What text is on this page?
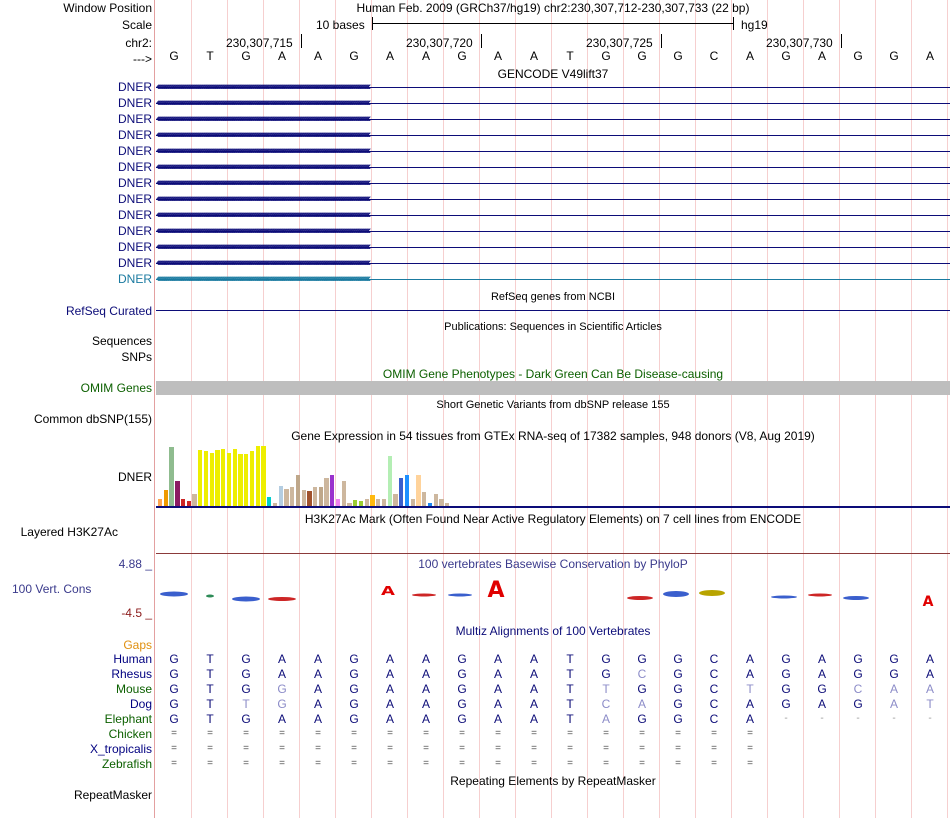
Window Position	Human Feb. 2009 (GRCh37/hg19) chr2:230,307,712-230,307,733 (22 bp)
Scale	10 bases	hg19
chr2:	230,307,715	230,307,720	230,307,725	230,307,730
--->	G	T	G	A	A	G	A	A	G	A	A	T	G	G	G	C	A	G	A	G	G	A
GENCODE V49lift37
DNER ‹‹‹‹‹‹‹‹‹‹‹‹‹‹‹‹‹‹‹‹‹‹‹‹‹‹‹‹‹‹‹‹‹‹‹‹‹‹‹‹‹‹‹‹‹‹‹‹‹‹‹‹‹‹‹‹‹‹‹‹‹‹‹‹‹‹‹‹‹‹‹‹‹‹‹‹‹‹‹‹‹‹‹‹‹‹‹‹‹‹‹‹‹‹‹‹‹‹‹‹‹‹‹‹‹‹‹‹‹‹‹‹‹‹‹‹‹‹‹‹‹‹‹‹‹‹‹‹‹‹‹‹‹‹‹‹‹‹‹‹‹‹‹‹‹‹‹‹‹‹‹‹‹‹‹‹‹‹‹‹‹‹‹‹‹‹‹‹‹‹‹‹‹‹‹‹‹‹‹‹‹‹‹‹‹‹‹‹‹‹‹‹‹‹‹‹‹‹‹‹
DNER ‹‹‹‹‹‹‹‹‹‹‹‹‹‹‹‹‹‹‹‹‹‹‹‹‹‹‹‹‹‹‹‹‹‹‹‹‹‹‹‹‹‹‹‹‹‹‹‹‹‹‹‹‹‹‹‹‹‹‹‹‹‹‹‹‹‹‹‹‹‹‹‹‹‹‹‹‹‹‹‹‹‹‹‹‹‹‹‹‹‹‹‹‹‹‹‹‹‹‹‹‹‹‹‹‹‹‹‹‹‹‹‹‹‹‹‹‹‹‹‹‹‹‹‹‹‹‹‹‹‹‹‹‹‹‹‹‹‹‹‹‹‹‹‹‹‹‹‹‹‹‹‹‹‹‹‹‹‹‹‹‹‹‹‹‹‹‹‹‹‹‹‹‹‹‹‹‹‹‹‹‹‹‹‹‹‹‹‹‹‹‹‹‹‹‹‹‹‹‹‹
DNER ‹‹‹‹‹‹‹‹‹‹‹‹‹‹‹‹‹‹‹‹‹‹‹‹‹‹‹‹‹‹‹‹‹‹‹‹‹‹‹‹‹‹‹‹‹‹‹‹‹‹‹‹‹‹‹‹‹‹‹‹‹‹‹‹‹‹‹‹‹‹‹‹‹‹‹‹‹‹‹‹‹‹‹‹‹‹‹‹‹‹‹‹‹‹‹‹‹‹‹‹‹‹‹‹‹‹‹‹‹‹‹‹‹‹‹‹‹‹‹‹‹‹‹‹‹‹‹‹‹‹‹‹‹‹‹‹‹‹‹‹‹‹‹‹‹‹‹‹‹‹‹‹‹‹‹‹‹‹‹‹‹‹‹‹‹‹‹‹‹‹‹‹‹‹‹‹‹‹‹‹‹‹‹‹‹‹‹‹‹‹‹‹‹‹‹‹‹‹‹‹
DNER ‹‹‹‹‹‹‹‹‹‹‹‹‹‹‹‹‹‹‹‹‹‹‹‹‹‹‹‹‹‹‹‹‹‹‹‹‹‹‹‹‹‹‹‹‹‹‹‹‹‹‹‹‹‹‹‹‹‹‹‹‹‹‹‹‹‹‹‹‹‹‹‹‹‹‹‹‹‹‹‹‹‹‹‹‹‹‹‹‹‹‹‹‹‹‹‹‹‹‹‹‹‹‹‹‹‹‹‹‹‹‹‹‹‹‹‹‹‹‹‹‹‹‹‹‹‹‹‹‹‹‹‹‹‹‹‹‹‹‹‹‹‹‹‹‹‹‹‹‹‹‹‹‹‹‹‹‹‹‹‹‹‹‹‹‹‹‹‹‹‹‹‹‹‹‹‹‹‹‹‹‹‹‹‹‹‹‹‹‹‹‹‹‹‹‹‹‹‹‹‹
DNER ‹‹‹‹‹‹‹‹‹‹‹‹‹‹‹‹‹‹‹‹‹‹‹‹‹‹‹‹‹‹‹‹‹‹‹‹‹‹‹‹‹‹‹‹‹‹‹‹‹‹‹‹‹‹‹‹‹‹‹‹‹‹‹‹‹‹‹‹‹‹‹‹‹‹‹‹‹‹‹‹‹‹‹‹‹‹‹‹‹‹‹‹‹‹‹‹‹‹‹‹‹‹‹‹‹‹‹‹‹‹‹‹‹‹‹‹‹‹‹‹‹‹‹‹‹‹‹‹‹‹‹‹‹‹‹‹‹‹‹‹‹‹‹‹‹‹‹‹‹‹‹‹‹‹‹‹‹‹‹‹‹‹‹‹‹‹‹‹‹‹‹‹‹‹‹‹‹‹‹‹‹‹‹‹‹‹‹‹‹‹‹‹‹‹‹‹‹‹‹‹
DNER ‹‹‹‹‹‹‹‹‹‹‹‹‹‹‹‹‹‹‹‹‹‹‹‹‹‹‹‹‹‹‹‹‹‹‹‹‹‹‹‹‹‹‹‹‹‹‹‹‹‹‹‹‹‹‹‹‹‹‹‹‹‹‹‹‹‹‹‹‹‹‹‹‹‹‹‹‹‹‹‹‹‹‹‹‹‹‹‹‹‹‹‹‹‹‹‹‹‹‹‹‹‹‹‹‹‹‹‹‹‹‹‹‹‹‹‹‹‹‹‹‹‹‹‹‹‹‹‹‹‹‹‹‹‹‹‹‹‹‹‹‹‹‹‹‹‹‹‹‹‹‹‹‹‹‹‹‹‹‹‹‹‹‹‹‹‹‹‹‹‹‹‹‹‹‹‹‹‹‹‹‹‹‹‹‹‹‹‹‹‹‹‹‹‹‹‹‹‹‹‹
DNER ‹‹‹‹‹‹‹‹‹‹‹‹‹‹‹‹‹‹‹‹‹‹‹‹‹‹‹‹‹‹‹‹‹‹‹‹‹‹‹‹‹‹‹‹‹‹‹‹‹‹‹‹‹‹‹‹‹‹‹‹‹‹‹‹‹‹‹‹‹‹‹‹‹‹‹‹‹‹‹‹‹‹‹‹‹‹‹‹‹‹‹‹‹‹‹‹‹‹‹‹‹‹‹‹‹‹‹‹‹‹‹‹‹‹‹‹‹‹‹‹‹‹‹‹‹‹‹‹‹‹‹‹‹‹‹‹‹‹‹‹‹‹‹‹‹‹‹‹‹‹‹‹‹‹‹‹‹‹‹‹‹‹‹‹‹‹‹‹‹‹‹‹‹‹‹‹‹‹‹‹‹‹‹‹‹‹‹‹‹‹‹‹‹‹‹‹‹‹‹‹
DNER ‹‹‹‹‹‹‹‹‹‹‹‹‹‹‹‹‹‹‹‹‹‹‹‹‹‹‹‹‹‹‹‹‹‹‹‹‹‹‹‹‹‹‹‹‹‹‹‹‹‹‹‹‹‹‹‹‹‹‹‹‹‹‹‹‹‹‹‹‹‹‹‹‹‹‹‹‹‹‹‹‹‹‹‹‹‹‹‹‹‹‹‹‹‹‹‹‹‹‹‹‹‹‹‹‹‹‹‹‹‹‹‹‹‹‹‹‹‹‹‹‹‹‹‹‹‹‹‹‹‹‹‹‹‹‹‹‹‹‹‹‹‹‹‹‹‹‹‹‹‹‹‹‹‹‹‹‹‹‹‹‹‹‹‹‹‹‹‹‹‹‹‹‹‹‹‹‹‹‹‹‹‹‹‹‹‹‹‹‹‹‹‹‹‹‹‹‹‹‹‹
DNER ‹‹‹‹‹‹‹‹‹‹‹‹‹‹‹‹‹‹‹‹‹‹‹‹‹‹‹‹‹‹‹‹‹‹‹‹‹‹‹‹‹‹‹‹‹‹‹‹‹‹‹‹‹‹‹‹‹‹‹‹‹‹‹‹‹‹‹‹‹‹‹‹‹‹‹‹‹‹‹‹‹‹‹‹‹‹‹‹‹‹‹‹‹‹‹‹‹‹‹‹‹‹‹‹‹‹‹‹‹‹‹‹‹‹‹‹‹‹‹‹‹‹‹‹‹‹‹‹‹‹‹‹‹‹‹‹‹‹‹‹‹‹‹‹‹‹‹‹‹‹‹‹‹‹‹‹‹‹‹‹‹‹‹‹‹‹‹‹‹‹‹‹‹‹‹‹‹‹‹‹‹‹‹‹‹‹‹‹‹‹‹‹‹‹‹‹‹‹‹‹
DNER ‹‹‹‹‹‹‹‹‹‹‹‹‹‹‹‹‹‹‹‹‹‹‹‹‹‹‹‹‹‹‹‹‹‹‹‹‹‹‹‹‹‹‹‹‹‹‹‹‹‹‹‹‹‹‹‹‹‹‹‹‹‹‹‹‹‹‹‹‹‹‹‹‹‹‹‹‹‹‹‹‹‹‹‹‹‹‹‹‹‹‹‹‹‹‹‹‹‹‹‹‹‹‹‹‹‹‹‹‹‹‹‹‹‹‹‹‹‹‹‹‹‹‹‹‹‹‹‹‹‹‹‹‹‹‹‹‹‹‹‹‹‹‹‹‹‹‹‹‹‹‹‹‹‹‹‹‹‹‹‹‹‹‹‹‹‹‹‹‹‹‹‹‹‹‹‹‹‹‹‹‹‹‹‹‹‹‹‹‹‹‹‹‹‹‹‹‹‹‹‹
DNER ‹‹‹‹‹‹‹‹‹‹‹‹‹‹‹‹‹‹‹‹‹‹‹‹‹‹‹‹‹‹‹‹‹‹‹‹‹‹‹‹‹‹‹‹‹‹‹‹‹‹‹‹‹‹‹‹‹‹‹‹‹‹‹‹‹‹‹‹‹‹‹‹‹‹‹‹‹‹‹‹‹‹‹‹‹‹‹‹‹‹‹‹‹‹‹‹‹‹‹‹‹‹‹‹‹‹‹‹‹‹‹‹‹‹‹‹‹‹‹‹‹‹‹‹‹‹‹‹‹‹‹‹‹‹‹‹‹‹‹‹‹‹‹‹‹‹‹‹‹‹‹‹‹‹‹‹‹‹‹‹‹‹‹‹‹‹‹‹‹‹‹‹‹‹‹‹‹‹‹‹‹‹‹‹‹‹‹‹‹‹‹‹‹‹‹‹‹‹‹‹
DNER ‹‹‹‹‹‹‹‹‹‹‹‹‹‹‹‹‹‹‹‹‹‹‹‹‹‹‹‹‹‹‹‹‹‹‹‹‹‹‹‹‹‹‹‹‹‹‹‹‹‹‹‹‹‹‹‹‹‹‹‹‹‹‹‹‹‹‹‹‹‹‹‹‹‹‹‹‹‹‹‹‹‹‹‹‹‹‹‹‹‹‹‹‹‹‹‹‹‹‹‹‹‹‹‹‹‹‹‹‹‹‹‹‹‹‹‹‹‹‹‹‹‹‹‹‹‹‹‹‹‹‹‹‹‹‹‹‹‹‹‹‹‹‹‹‹‹‹‹‹‹‹‹‹‹‹‹‹‹‹‹‹‹‹‹‹‹‹‹‹‹‹‹‹‹‹‹‹‹‹‹‹‹‹‹‹‹‹‹‹‹‹‹‹‹‹‹‹‹‹‹
DNER ‹‹‹‹‹‹‹‹‹‹‹‹‹‹‹‹‹‹‹‹‹‹‹‹‹‹‹‹‹‹‹‹‹‹‹‹‹‹‹‹‹‹‹‹‹‹‹‹‹‹‹‹‹‹‹‹‹‹‹‹‹‹‹‹‹‹‹‹‹‹‹‹‹‹‹‹‹‹‹‹‹‹‹‹‹‹‹‹‹‹‹‹‹‹‹‹‹‹‹‹‹‹‹‹‹‹‹‹‹‹‹‹‹‹‹‹‹‹‹‹‹‹‹‹‹‹‹‹‹‹‹‹‹‹‹‹‹‹‹‹‹‹‹‹‹‹‹‹‹‹‹‹‹‹‹‹‹‹‹‹‹‹‹‹‹‹‹‹‹‹‹‹‹‹‹‹‹‹‹‹‹‹‹‹‹‹‹‹‹‹‹‹‹‹‹‹‹‹‹‹
RefSeq genes from NCBI
RefSeq Curated
Publications: Sequences in Scientific Articles
Sequences
SNPs
OMIM Gene Phenotypes - Dark Green Can Be Disease-causing
OMIM Genes
Short Genetic Variants from dbSNP release 155
Common dbSNP(155)
Gene Expression in 54 tissues from GTEx RNA-seq of 17382 samples, 948 donors (V8, Aug 2019)
DNER
H3K27Ac Mark (Often Found Near Active Regulatory Elements) on 7 cell lines from ENCODE
Layered H3K27Ac
100 vertebrates Basewise Conservation by PhyloP
4.88 _
100 Vert. Cons
-4.5 _
A	A	A
Multiz Alignments of 100 Vertebrates
Gaps
Human	G	T	G	A	A	G	A	A	G	A	A	T	G	G	G	C	A	G	A	G	G	A
Rhesus	G	T	G	A	A	G	A	A	G	A	A	T	G	C	G	C	A	G	A	G	G	A
Mouse	G	T	G	G	A	G	A	A	G	A	A	T	T	G	G	C	T	G	G	C	A	A
Dog	G	T	T	G	A	G	A	A	G	A	A	T	C	A	G	C	A	G	A	G	A	T
Elephant	G	T	G	A	A	G	A	A	G	A	A	T	A	G	G	C	A	-	-	-	-	-
Chicken	=	=	=	=	=	=	=	=	=	=	=	=	=	=	=	=	=
X_tropicalis	=	=	=	=	=	=	=	=	=	=	=	=	=	=	=	=	=
Zebrafish	=	=	=	=	=	=	=	=	=	=	=	=	=	=	=	=	=
Repeating Elements by RepeatMasker
RepeatMasker
